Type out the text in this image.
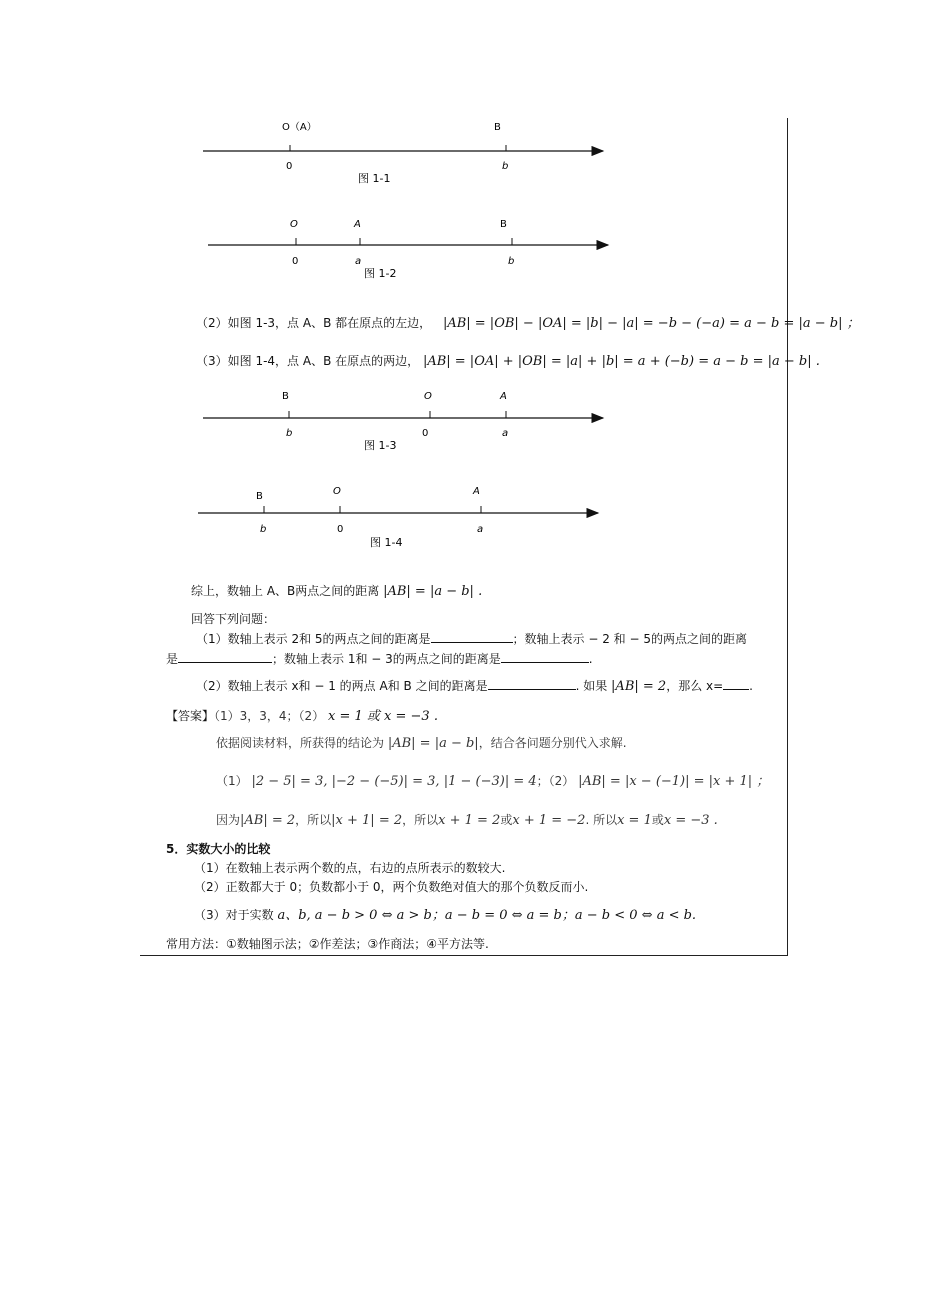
O（A）
0
B
b
图 1-1
O
0
A
a
B
b
图 1-2
B
b
O
0
A
a
图 1-3
B
b
O
0
A
a
图 1-4
（2）如图 1-3，点 A、B 都在原点的左边， |AB| = |OB| − |OA| = |b| − |a| = −b − (−a) = a − b = |a − b| ；
（3）如图 1-4，点 A、B 在原点的两边， |AB| = |OA| + |OB| = |a| + |b| = a + (−b) = a − b = |a − b| .
综上，数轴上 A、B两点之间的距离 |AB| = |a − b| .
回答下列问题：
（1）数轴上表示 2和 5的两点之间的距离是	；数轴上表示 − 2 和 − 5的两点之间的距离
是	；数轴上表示 1和 − 3的两点之间的距离是	.
（2）数轴上表示 x和 − 1 的两点 A和 B 之间的距离是	. 如果 |AB| = 2，那么 x= .
【答案】（1）3，3，4；（2） x = 1 或 x = −3 .
依据阅读材料，所获得的结论为 |AB| = |a − b|，结合各问题分别代入求解.
（1） |2 − 5| = 3, |−2 − (−5)| = 3, |1 − (−3)| = 4；（2） |AB| = |x − (−1)| = |x + 1| ；
因为|AB| = 2，所以|x + 1| = 2，所以x + 1 = 2或x + 1 = −2. 所以x = 1或x = −3 .
5．实数大小的比较
（1）在数轴上表示两个数的点，右边的点所表示的数较大.
（2）正数都大于 0；负数都小于 0，两个负数绝对值大的那个负数反而小.
（3）对于实数 a、b, a − b > 0 ⇔ a > b；a − b = 0 ⇔ a = b；a − b < 0 ⇔ a < b.
常用方法：①数轴图示法；②作差法；③作商法；④平方法等.
